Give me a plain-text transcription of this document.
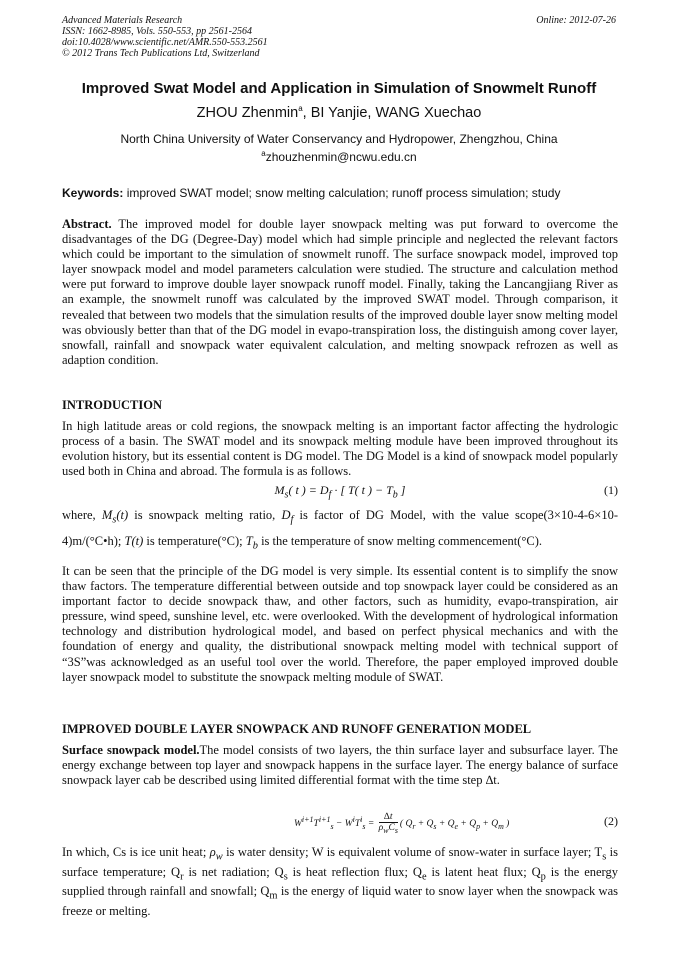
Advanced Materials Research
ISSN: 1662-8985, Vols. 550-553, pp 2561-2564
doi:10.4028/www.scientific.net/AMR.550-553.2561
© 2012 Trans Tech Publications Ltd, Switzerland
Online: 2012-07-26
Improved Swat Model and Application in Simulation of Snowmelt Runoff
ZHOU Zhenmin$^a$, BI Yanjie, WANG Xuechao
North China University of Water Conservancy and Hydropower, Zhengzhou, China
$^a$zhouzhenmin@ncwu.edu.cn
Keywords: improved SWAT model; snow melting calculation; runoff process simulation; study
Abstract. The improved model for double layer snowpack melting was put forward to overcome the disadvantages of the DG (Degree-Day) model which had simple principle and neglected the relevant factors which could be important to the simulation of snowmelt runoff. The surface snowpack model, improved top layer snowpack model and model parameters calculation were studied. The structure and calculation method were put forward to improve double layer snowpack runoff model. Finally, taking the Lancangjiang River as an example, the snowmelt runoff was calculated by the improved SWAT model. Through comparison, it revealed that between two models that the simulation results of the improved double layer snow melting model was obviously better than that of the DG model in evapo-transpiration loss, the distinguish among cover layer, snowfall, rainfall and snowpack water equivalent calculation, and melting snowpack refrozen as well as adaption condition.
INTRODUCTION
In high latitude areas or cold regions, the snowpack melting is an important factor affecting the hydrologic process of a basin. The SWAT model and its snowpack melting module have been improved throughout its evolution history, but its essential content is DG model. The DG Model is a kind of snowpack model popularly used both in China and abroad. The formula is as follows.
$M_s$( t ) = $D_f$ · [ T( t ) − $T_b$ ]	(1)
where, $M_s(t)$ is snowpack melting ratio, $D_f$ is factor of DG Model, with the value scope(3×10-4-6×10-4)m/(°C•h); T(t) is temperature(°C); $T_b$ is the temperature of snow melting commencement(°C).
It can be seen that the principle of the DG model is very simple. Its essential content is to simplify the snow thaw factors. The temperature differential between outside and top snowpack layer could be considered as an important factor to decide snowpack thaw, and other factors, such as humidity, evapo-transpiration, air pressure, wind speed, sunshine level, etc. were overlooked. With the development of hydrological information technology and distribution hydrological model, and based on perfect physical mechanics and with the foundation of energy and quality, the distributional snowpack melting model with technical support of “3S”was acknowledged as an useful tool over the world. Therefore, the paper employed improved double layer snowpack model to substitute the snowpack melting module of SWAT.
IMPROVED DOUBLE LAYER SNOWPACK AND RUNOFF GENERATION MODEL
Surface snowpack model.The model consists of two layers, the thin surface layer and subsurface layer. The energy exchange between top layer and snowpack happens in the surface layer. The energy balance of surface snowpack layer cab be described using limited differential format with the time step ∆t.
$W^{i+1}T^{i+1}_s - W^iT^i_s = \frac{\Delta t}{\rho_wC_s}$ ( $Q_r + Q_s + Q_e + Q_p + Q_m$ )	(2)
In which, Cs is ice unit heat; $\rho_w$ is water density; W is equivalent volume of snow-water in surface layer; $T_s$ is surface temperature; $Q_r$ is net radiation; $Q_s$ is heat reflection flux; $Q_e$ is latent heat flux; $Q_p$ is the energy supplied through rainfall and snowfall; $Q_m$ is the energy of liquid water to snow layer when the snowpack was freeze or melting.
